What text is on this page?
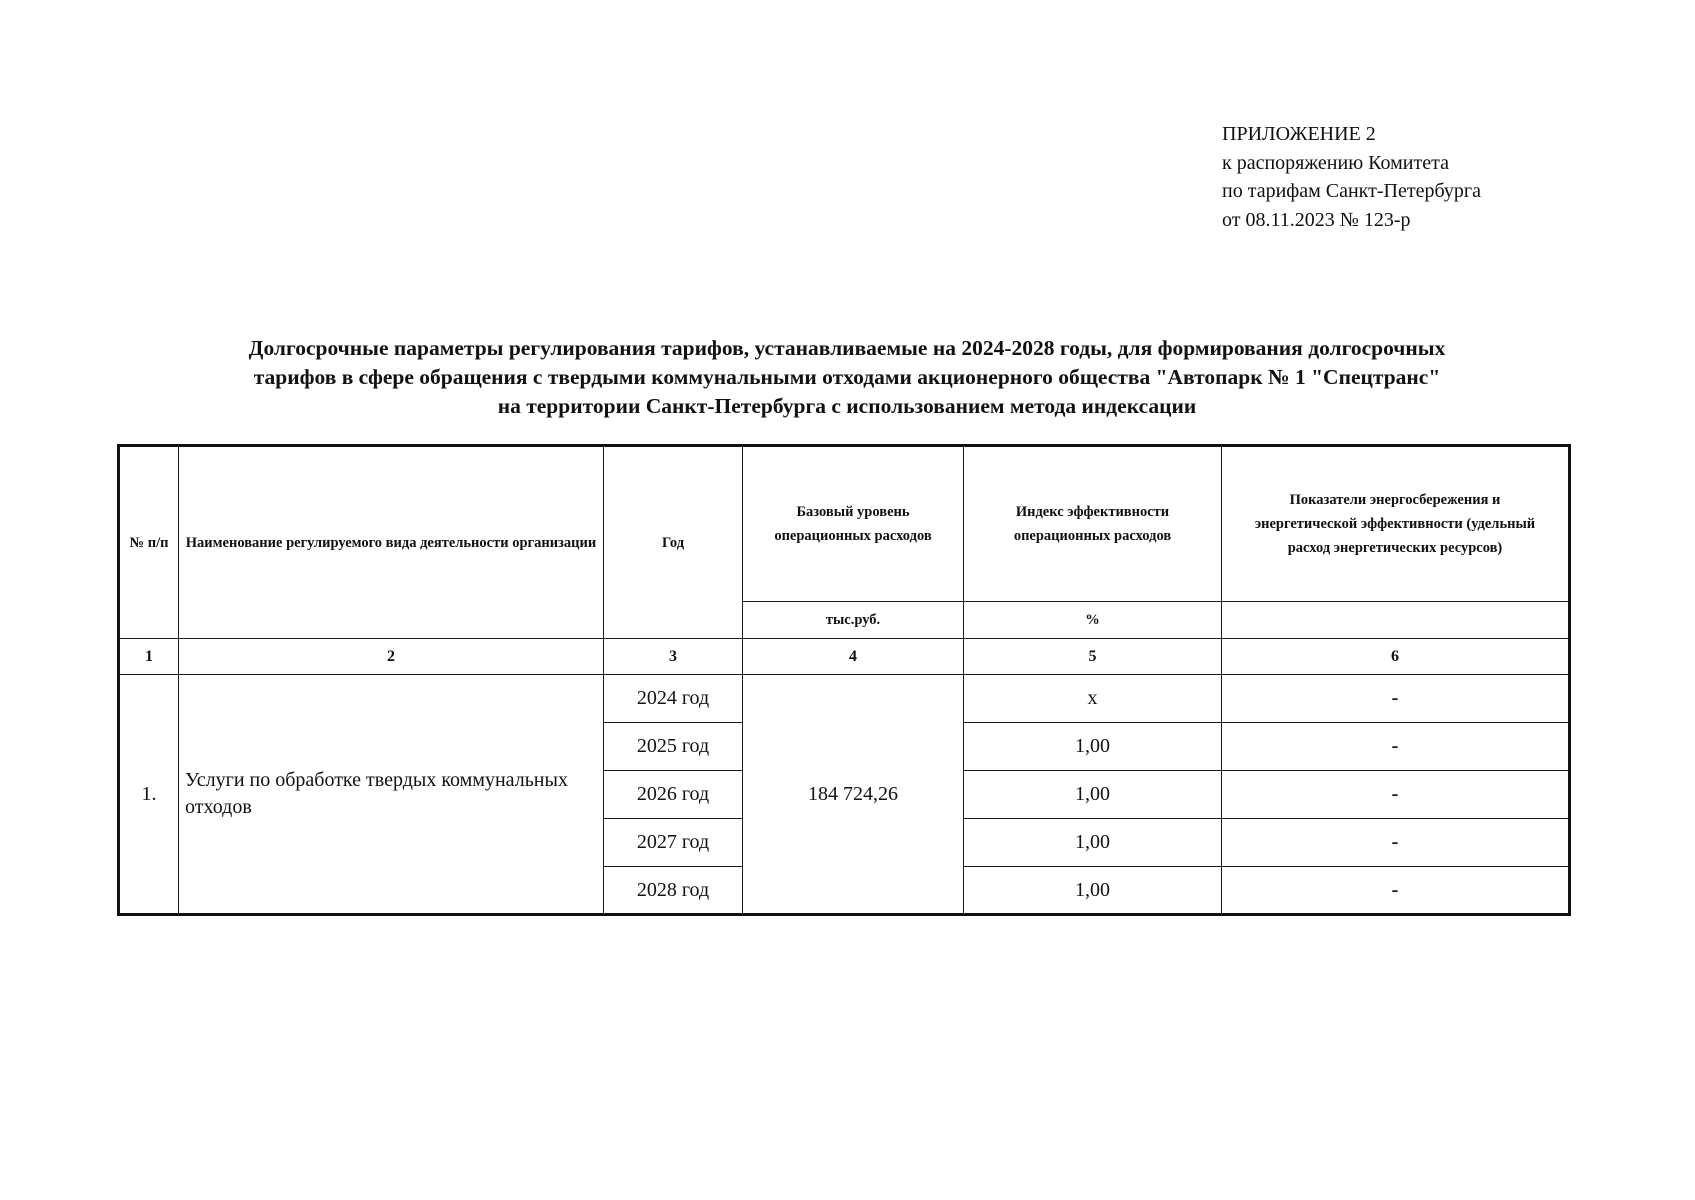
ПРИЛОЖЕНИЕ 2
к распоряжению Комитета
по тарифам Санкт-Петербурга
от 08.11.2023 № 123-р
Долгосрочные параметры регулирования тарифов, устанавливаемые на 2024-2028 годы, для формирования долгосрочных
тарифов в сфере обращения с твердыми коммунальными отходами акционерного общества "Автопарк № 1 "Спецтранс"
на территории Санкт-Петербурга с использованием метода индексации
№ п/п	Наименование регулируемого вида деятельности организации	Год	Базовый уровень операционных расходов	Индекс эффективности операционных расходов	Показатели энергосбережения и энергетической эффективности (удельный расход энергетических ресурсов)

			тыс.руб.	%	
1	2	3	4	5	6
1.	Услуги по обработке твердых коммунальных отходов	2024 год	184 724,26	х	-
		2025 год		1,00	-
		2026 год		1,00	-
		2027 год		1,00	-
		2028 год		1,00	-
